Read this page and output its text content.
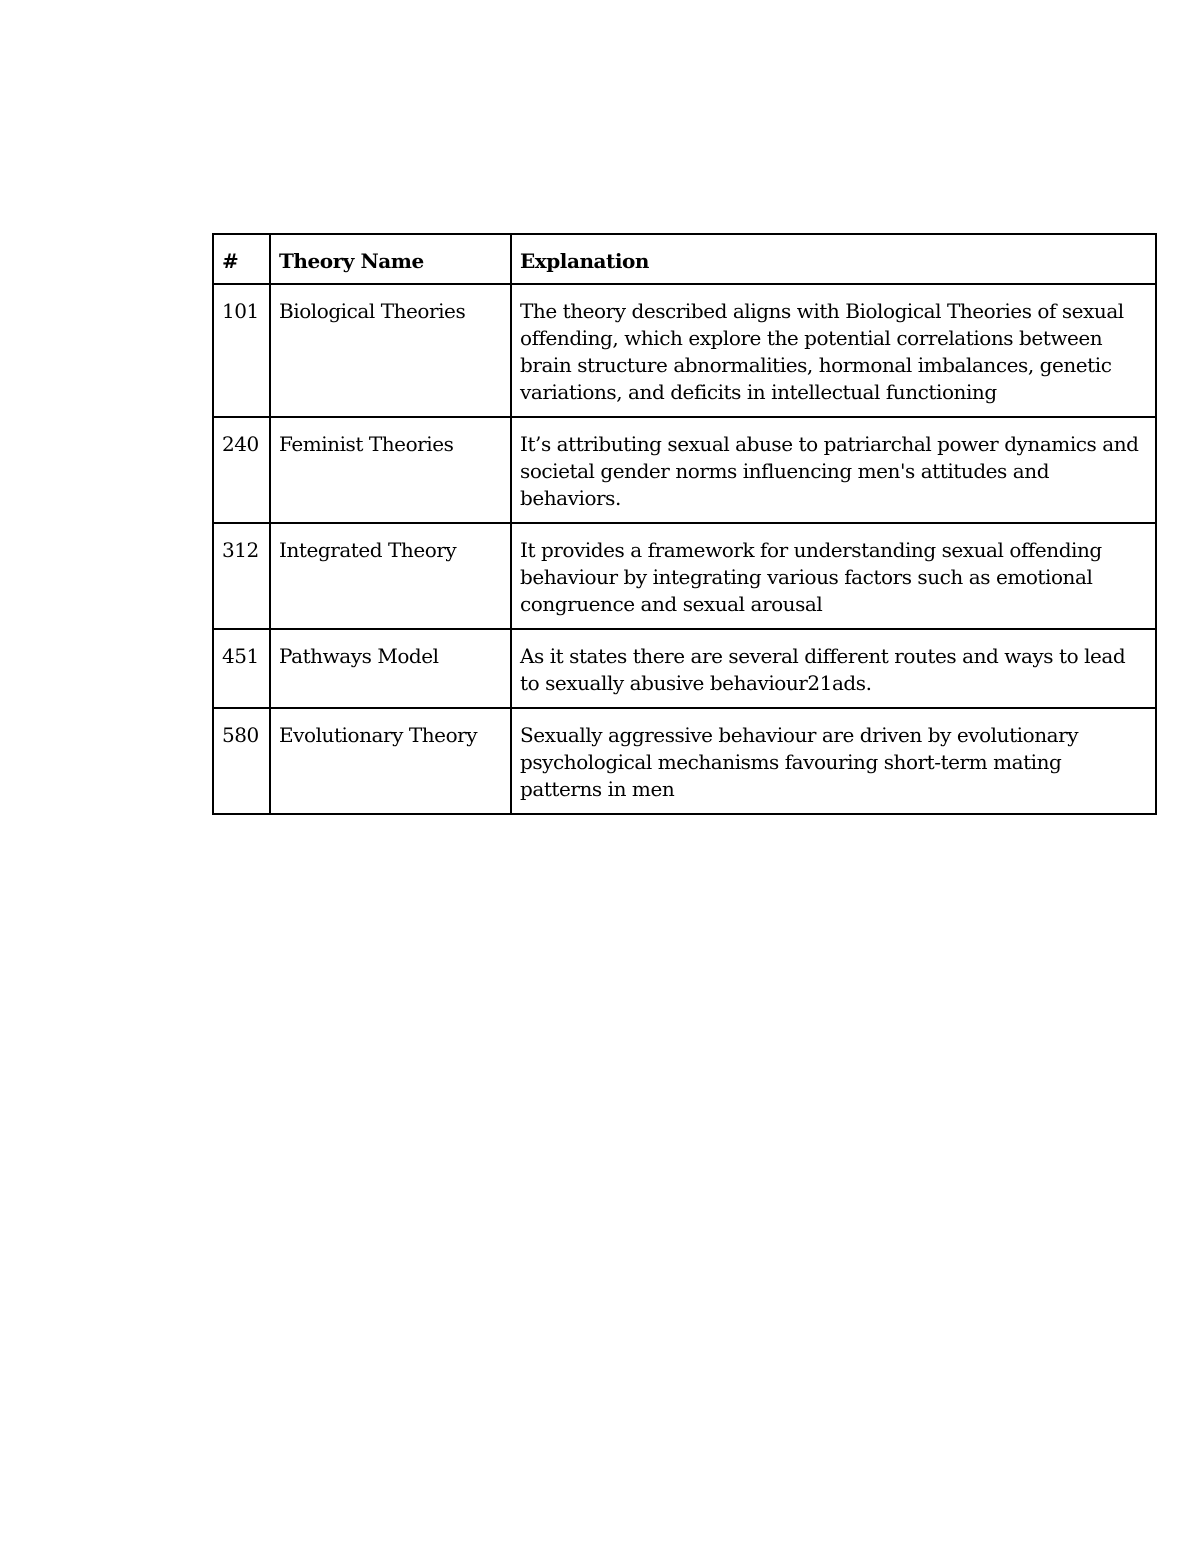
#	Theory Name	Explanation
101	Biological Theories	The theory described aligns with Biological Theories of sexual offending, which explore the potential correlations between brain structure abnormalities, hormonal imbalances, genetic variations, and deficits in intellectual functioning
240	Feminist Theories	It’s attributing sexual abuse to patriarchal power dynamics and societal gender norms influencing men's attitudes and behaviors.
312	Integrated Theory	It provides a framework for understanding sexual offending behaviour by integrating various factors such as emotional congruence and sexual arousal
451	Pathways Model	As it states there are several different routes and ways to lead to sexually abusive behaviour21ads.
580	Evolutionary Theory	Sexually aggressive behaviour are driven by evolutionary psychological mechanisms favouring short-term mating patterns in men
